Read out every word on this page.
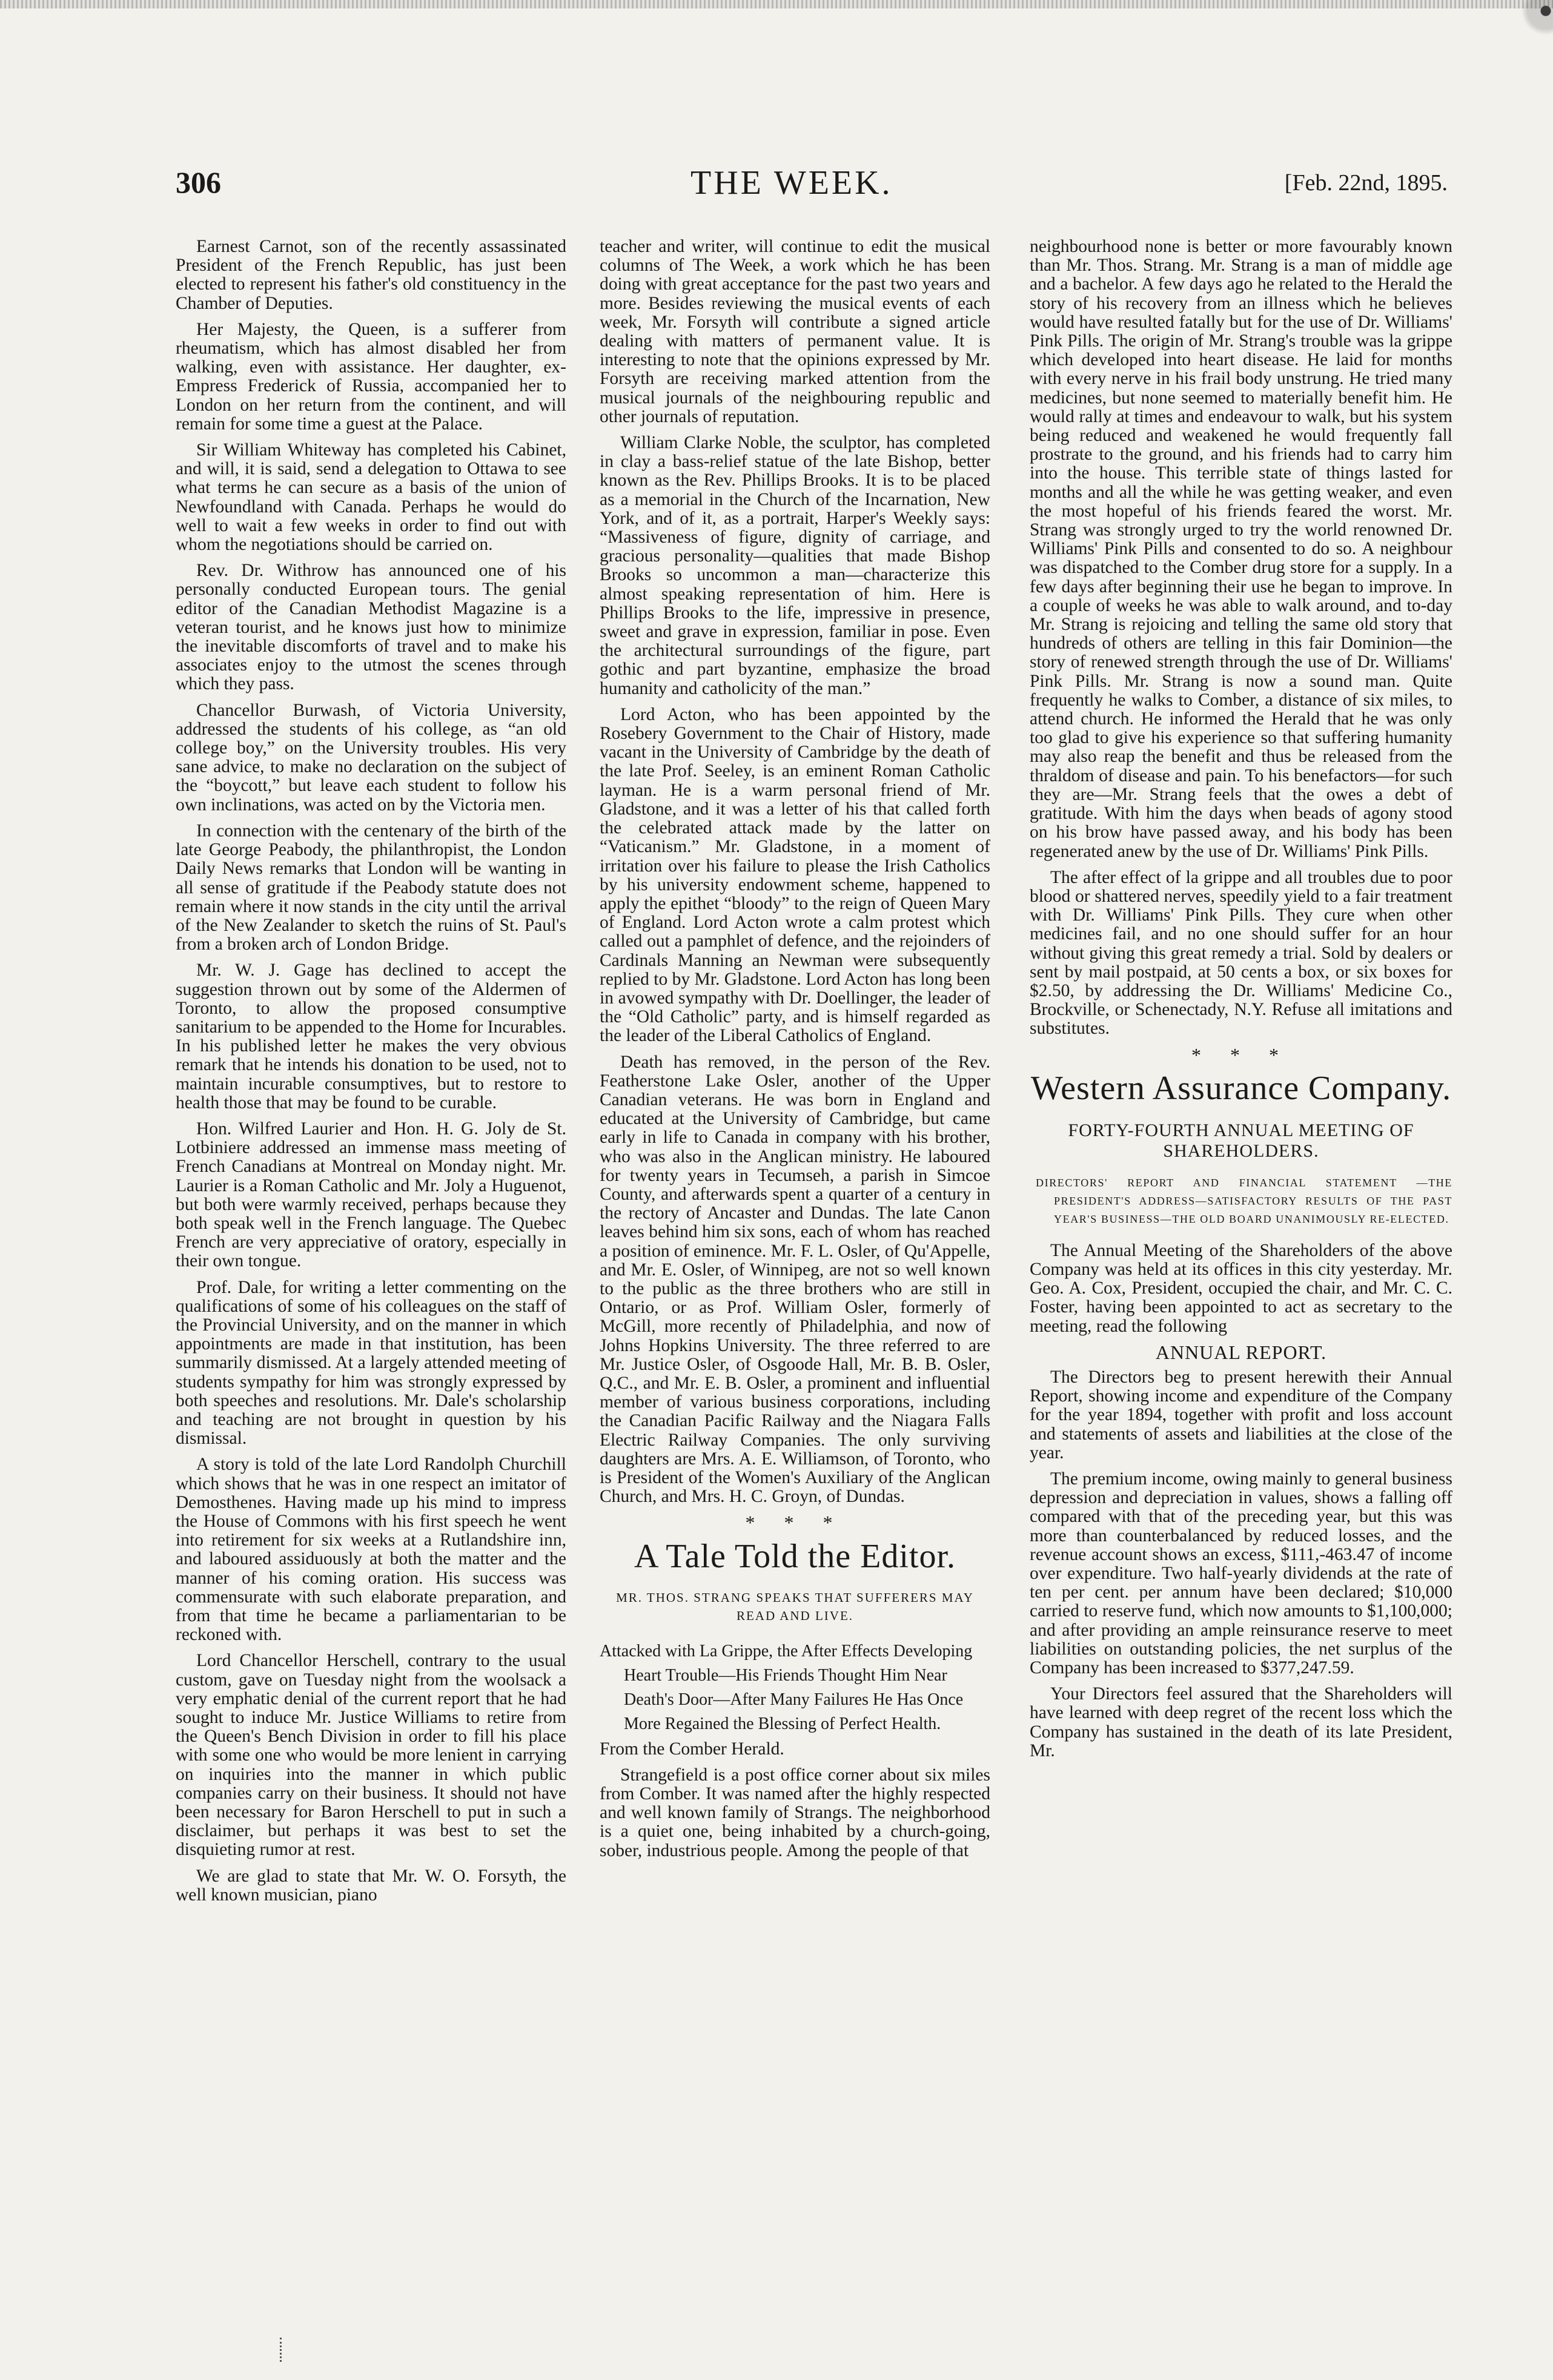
306	THE WEEK.	[Feb. 22nd, 1895.

Earnest Carnot, son of the recently assassinated President of the French Republic, has just been elected to represent his father's old constituency in the Chamber of Deputies.

Her Majesty, the Queen, is a sufferer from rheumatism, which has almost disabled her from walking, even with assistance. Her daughter, ex-Empress Frederick of Russia, accompanied her to London on her return from the continent, and will remain for some time a guest at the Palace.

Sir William Whiteway has completed his Cabinet, and will, it is said, send a delegation to Ottawa to see what terms he can secure as a basis of the union of Newfoundland with Canada. Perhaps he would do well to wait a few weeks in order to find out with whom the negotiations should be carried on.

Rev. Dr. Withrow has announced one of his personally conducted European tours. The genial editor of the Canadian Methodist Magazine is a veteran tourist, and he knows just how to minimize the inevitable discomforts of travel and to make his associates enjoy to the utmost the scenes through which they pass.

Chancellor Burwash, of Victoria University, addressed the students of his college, as “an old college boy,” on the University troubles. His very sane advice, to make no declaration on the subject of the “boycott,” but leave each student to follow his own inclinations, was acted on by the Victoria men.

In connection with the centenary of the birth of the late George Peabody, the philanthropist, the London Daily News remarks that London will be wanting in all sense of gratitude if the Peabody statute does not remain where it now stands in the city until the arrival of the New Zealander to sketch the ruins of St. Paul's from a broken arch of London Bridge.

Mr. W. J. Gage has declined to accept the suggestion thrown out by some of the Aldermen of Toronto, to allow the proposed consumptive sanitarium to be appended to the Home for Incurables. In his published letter he makes the very obvious remark that he intends his donation to be used, not to maintain incurable consumptives, but to restore to health those that may be found to be curable.

Hon. Wilfred Laurier and Hon. H. G. Joly de St. Lotbiniere addressed an immense mass meeting of French Canadians at Montreal on Monday night. Mr. Laurier is a Roman Catholic and Mr. Joly a Huguenot, but both were warmly received, perhaps because they both speak well in the French language. The Quebec French are very appreciative of oratory, especially in their own tongue.

Prof. Dale, for writing a letter commenting on the qualifications of some of his colleagues on the staff of the Provincial University, and on the manner in which appointments are made in that institution, has been summarily dismissed. At a largely attended meeting of students sympathy for him was strongly expressed by both speeches and resolutions. Mr. Dale's scholarship and teaching are not brought in question by his dismissal.

A story is told of the late Lord Randolph Churchill which shows that he was in one respect an imitator of Demosthenes. Having made up his mind to impress the House of Commons with his first speech he went into retirement for six weeks at a Rutlandshire inn, and laboured assiduously at both the matter and the manner of his coming oration. His success was commensurate with such elaborate preparation, and from that time he became a parliamentarian to be reckoned with.

Lord Chancellor Herschell, contrary to the usual custom, gave on Tuesday night from the woolsack a very emphatic denial of the current report that he had sought to induce Mr. Justice Williams to retire from the Queen's Bench Division in order to fill his place with some one who would be more lenient in carrying on inquiries into the manner in which public companies carry on their business. It should not have been necessary for Baron Herschell to put in such a disclaimer, but perhaps it was best to set the disquieting rumor at rest.

We are glad to state that Mr. W. O. Forsyth, the well known musician, piano

teacher and writer, will continue to edit the musical columns of The Week, a work which he has been doing with great acceptance for the past two years and more. Besides reviewing the musical events of each week, Mr. Forsyth will contribute a signed article dealing with matters of permanent value. It is interesting to note that the opinions expressed by Mr. Forsyth are receiving marked attention from the musical journals of the neighbouring republic and other journals of reputation.

William Clarke Noble, the sculptor, has completed in clay a bass-relief statue of the late Bishop, better known as the Rev. Phillips Brooks. It is to be placed as a memorial in the Church of the Incarnation, New York, and of it, as a portrait, Harper's Weekly says: “Massiveness of figure, dignity of carriage, and gracious personality—qualities that made Bishop Brooks so uncommon a man—characterize this almost speaking representation of him. Here is Phillips Brooks to the life, impressive in presence, sweet and grave in expression, familiar in pose. Even the architectural surroundings of the figure, part gothic and part byzantine, emphasize the broad humanity and catholicity of the man.”

Lord Acton, who has been appointed by the Rosebery Government to the Chair of History, made vacant in the University of Cambridge by the death of the late Prof. Seeley, is an eminent Roman Catholic layman. He is a warm personal friend of Mr. Gladstone, and it was a letter of his that called forth the celebrated attack made by the latter on “Vaticanism.” Mr. Gladstone, in a moment of irritation over his failure to please the Irish Catholics by his university endowment scheme, happened to apply the epithet “bloody” to the reign of Queen Mary of England. Lord Acton wrote a calm protest which called out a pamphlet of defence, and the rejoinders of Cardinals Manning an Newman were subsequently replied to by Mr. Gladstone. Lord Acton has long been in avowed sympathy with Dr. Doellinger, the leader of the “Old Catholic” party, and is himself regarded as the leader of the Liberal Catholics of England.

Death has removed, in the person of the Rev. Featherstone Lake Osler, another of the Upper Canadian veterans. He was born in England and educated at the University of Cambridge, but came early in life to Canada in company with his brother, who was also in the Anglican ministry. He laboured for twenty years in Tecumseh, a parish in Simcoe County, and afterwards spent a quarter of a century in the rectory of Ancaster and Dundas. The late Canon leaves behind him six sons, each of whom has reached a position of eminence. Mr. F. L. Osler, of Qu'Appelle, and Mr. E. Osler, of Winnipeg, are not so well known to the public as the three brothers who are still in Ontario, or as Prof. William Osler, formerly of McGill, more recently of Philadelphia, and now of Johns Hopkins University. The three referred to are Mr. Justice Osler, of Osgoode Hall, Mr. B. B. Osler, Q.C., and Mr. E. B. Osler, a prominent and influential member of various business corporations, including the Canadian Pacific Railway and the Niagara Falls Electric Railway Companies. The only surviving daughters are Mrs. A. E. Williamson, of Toronto, who is President of the Women's Auxiliary of the Anglican Church, and Mrs. H. C. Groyn, of Dundas.

* * *
A Tale Told the Editor.
MR. THOS. STRANG SPEAKS THAT SUFFERERS MAY READ AND LIVE.
Attacked with La Grippe, the After Effects Developing Heart Trouble—His Friends Thought Him Near Death's Door—After Many Failures He Has Once More Regained the Blessing of Perfect Health.

From the Comber Herald.

Strangefield is a post office corner about six miles from Comber. It was named after the highly respected and well known family of Strangs. The neighborhood is a quiet one, being inhabited by a church-going, sober, industrious people. Among the people of that

neighbourhood none is better or more favourably known than Mr. Thos. Strang. Mr. Strang is a man of middle age and a bachelor. A few days ago he related to the Herald the story of his recovery from an illness which he believes would have resulted fatally but for the use of Dr. Williams' Pink Pills. The origin of Mr. Strang's trouble was la grippe which developed into heart disease. He laid for months with every nerve in his frail body unstrung. He tried many medicines, but none seemed to materially benefit him. He would rally at times and endeavour to walk, but his system being reduced and weakened he would frequently fall prostrate to the ground, and his friends had to carry him into the house. This terrible state of things lasted for months and all the while he was getting weaker, and even the most hopeful of his friends feared the worst. Mr. Strang was strongly urged to try the world renowned Dr. Williams' Pink Pills and consented to do so. A neighbour was dispatched to the Comber drug store for a supply. In a few days after beginning their use he began to improve. In a couple of weeks he was able to walk around, and to-day Mr. Strang is rejoicing and telling the same old story that hundreds of others are telling in this fair Dominion—the story of renewed strength through the use of Dr. Williams' Pink Pills. Mr. Strang is now a sound man. Quite frequently he walks to Comber, a distance of six miles, to attend church. He informed the Herald that he was only too glad to give his experience so that suffering humanity may also reap the benefit and thus be released from the thraldom of disease and pain. To his benefactors—for such they are—Mr. Strang feels that the owes a debt of gratitude. With him the days when beads of agony stood on his brow have passed away, and his body has been regenerated anew by the use of Dr. Williams' Pink Pills.

The after effect of la grippe and all troubles due to poor blood or shattered nerves, speedily yield to a fair treatment with Dr. Williams' Pink Pills. They cure when other medicines fail, and no one should suffer for an hour without giving this great remedy a trial. Sold by dealers or sent by mail postpaid, at 50 cents a box, or six boxes for $2.50, by addressing the Dr. Williams' Medicine Co., Brockville, or Schenectady, N.Y. Refuse all imitations and substitutes.

* * *
Western Assurance Company.
FORTY-FOURTH ANNUAL MEETING OF SHAREHOLDERS.
DIRECTORS' REPORT AND FINANCIAL STATEMENT —THE PRESIDENT'S ADDRESS—SATISFACTORY RESULTS OF THE PAST YEAR'S BUSINESS—THE OLD BOARD UNANIMOUSLY RE-ELECTED.

The Annual Meeting of the Shareholders of the above Company was held at its offices in this city yesterday. Mr. Geo. A. Cox, President, occupied the chair, and Mr. C. C. Foster, having been appointed to act as secretary to the meeting, read the following

ANNUAL REPORT.

The Directors beg to present herewith their Annual Report, showing income and expenditure of the Company for the year 1894, together with profit and loss account and statements of assets and liabilities at the close of the year.

The premium income, owing mainly to general business depression and depreciation in values, shows a falling off compared with that of the preceding year, but this was more than counterbalanced by reduced losses, and the revenue account shows an excess, $111,-463.47 of income over expenditure. Two half-yearly dividends at the rate of ten per cent. per annum have been declared; $10,000 carried to reserve fund, which now amounts to $1,100,000; and after providing an ample reinsurance reserve to meet liabilities on outstanding policies, the net surplus of the Company has been increased to $377,247.59.

Your Directors feel assured that the Shareholders will have learned with deep regret of the recent loss which the Company has sustained in the death of its late President, Mr.
